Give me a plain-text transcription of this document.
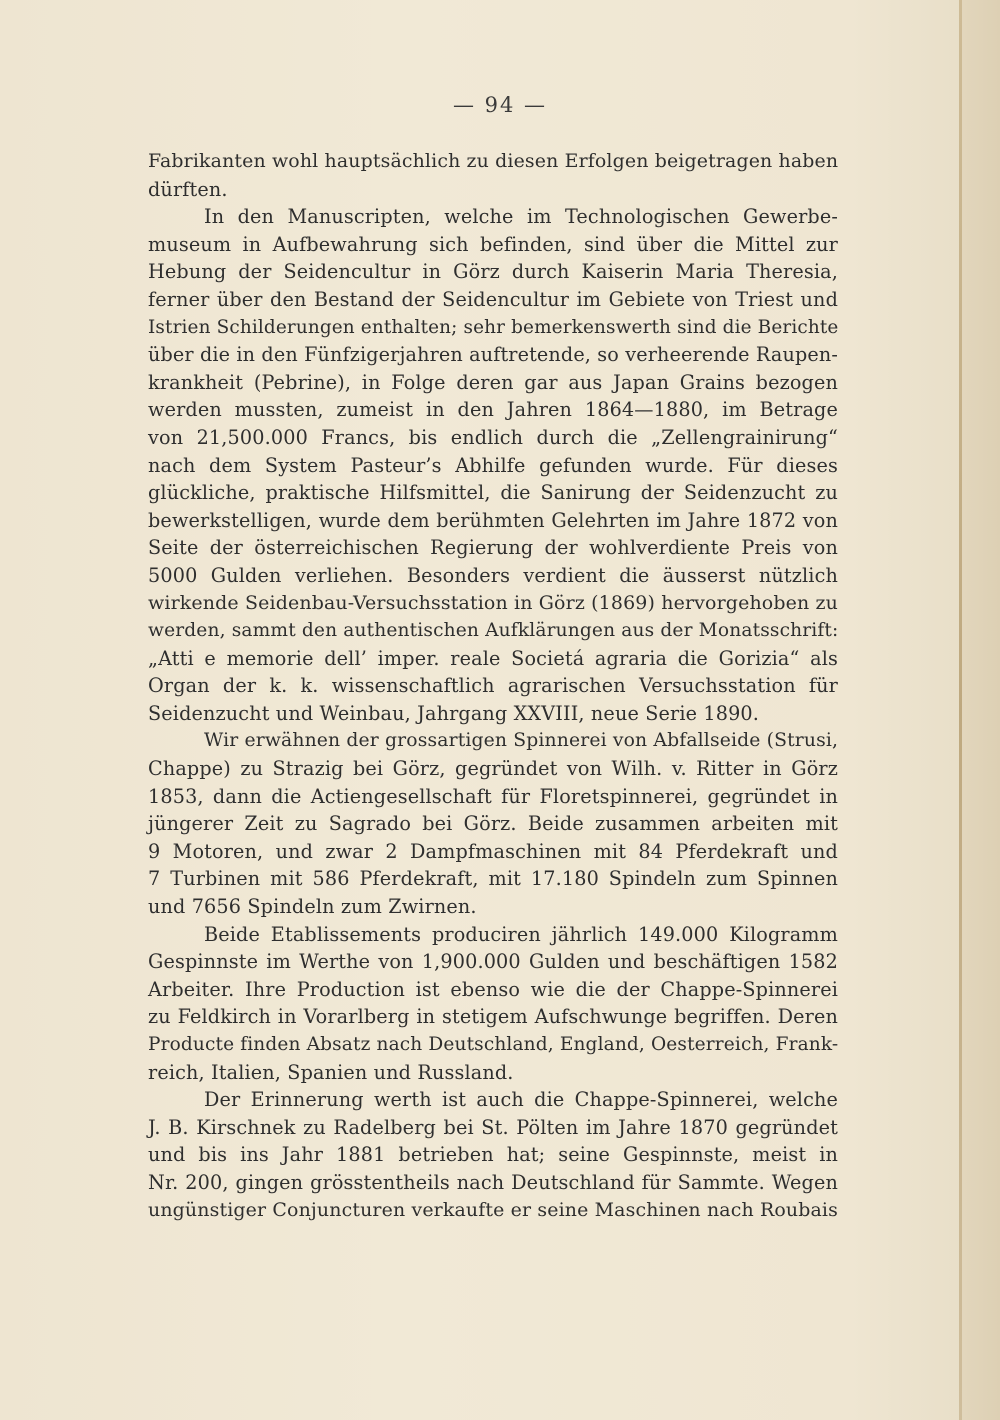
— 94 —
Fabrikanten wohl hauptsächlich zu diesen Erfolgen beigetragen haben
dürften.
In den Manuscripten, welche im Technologischen Gewerbe-
museum in Aufbewahrung sich befinden, sind über die Mittel zur
Hebung der Seidencultur in Görz durch Kaiserin Maria Theresia,
ferner über den Bestand der Seidencultur im Gebiete von Triest und
Istrien Schilderungen enthalten; sehr bemerkenswerth sind die Berichte
über die in den Fünfzigerjahren auftretende, so verheerende Raupen-
krankheit (Pebrine), in Folge deren gar aus Japan Grains bezogen
werden mussten, zumeist in den Jahren 1864—1880, im Betrage
von 21,500.000 Francs, bis endlich durch die „Zellengrainirung“
nach dem System Pasteur’s Abhilfe gefunden wurde. Für dieses
glückliche, praktische Hilfsmittel, die Sanirung der Seidenzucht zu
bewerkstelligen, wurde dem berühmten Gelehrten im Jahre 1872 von
Seite der österreichischen Regierung der wohlverdiente Preis von
5000 Gulden verliehen. Besonders verdient die äusserst nützlich
wirkende Seidenbau-Versuchsstation in Görz (1869) hervorgehoben zu
werden, sammt den authentischen Aufklärungen aus der Monatsschrift:
„Atti e memorie dell’ imper. reale Societá agraria die Gorizia“ als
Organ der k. k. wissenschaftlich agrarischen Versuchsstation für
Seidenzucht und Weinbau, Jahrgang XXVIII, neue Serie 1890.
Wir erwähnen der grossartigen Spinnerei von Abfallseide (Strusi,
Chappe) zu Strazig bei Görz, gegründet von Wilh. v. Ritter in Görz
1853, dann die Actiengesellschaft für Floretspinnerei, gegründet in
jüngerer Zeit zu Sagrado bei Görz. Beide zusammen arbeiten mit
9 Motoren, und zwar 2 Dampfmaschinen mit 84 Pferdekraft und
7 Turbinen mit 586 Pferdekraft, mit 17.180 Spindeln zum Spinnen
und 7656 Spindeln zum Zwirnen.
Beide Etablissements produciren jährlich 149.000 Kilogramm
Gespinnste im Werthe von 1,900.000 Gulden und beschäftigen 1582
Arbeiter. Ihre Production ist ebenso wie die der Chappe-Spinnerei
zu Feldkirch in Vorarlberg in stetigem Aufschwunge begriffen. Deren
Producte finden Absatz nach Deutschland, England, Oesterreich, Frank-
reich, Italien, Spanien und Russland.
Der Erinnerung werth ist auch die Chappe-Spinnerei, welche
J. B. Kirschnek zu Radelberg bei St. Pölten im Jahre 1870 gegründet
und bis ins Jahr 1881 betrieben hat; seine Gespinnste, meist in
Nr. 200, gingen grösstentheils nach Deutschland für Sammte. Wegen
ungünstiger Conjuncturen verkaufte er seine Maschinen nach Roubais
